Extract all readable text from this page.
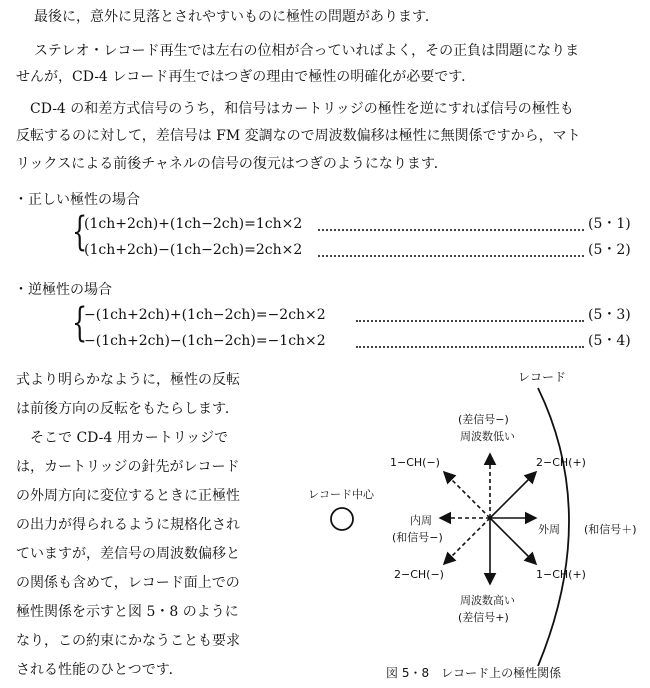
最後に，意外に見落とされやすいものに極性の問題があります．
ステレオ・レコード再生では左右の位相が合っていればよく，その正負は問題になりま
せんが，CD-4 レコード再生ではつぎの理由で極性の明確化が必要です．
CD-4 の和差方式信号のうち，和信号はカートリッジの極性を逆にすれば信号の極性も
反転するのに対して，差信号は FM 変調なので周波数偏移は極性に無関係ですから，マト
リックスによる前後チャネルの信号の復元はつぎのようになります．
・正しい極性の場合
{
(1ch+2ch)+(1ch−2ch)=1ch×2	(5・1)
(1ch+2ch)−(1ch−2ch)=2ch×2	(5・2)
・逆極性の場合
{
−(1ch+2ch)+(1ch−2ch)=−2ch×2	(5・3)
−(1ch+2ch)−(1ch−2ch)=−1ch×2	(5・4)
式より明らかなように，極性の反転
は前後方向の反転をもたらします．
　そこで CD-4 用カートリッジで
は，カートリッジの針先がレコード
の外周方向に変位するときに正極性
の出力が得られるように規格化され
ていますが，差信号の周波数偏移と
の関係も含めて，レコード面上での
極性関係を示すと図 5・8 のように
なり，この約束にかなうことも要求
される性能のひとつです．
レコード
レコード中心
(差信号−)
周波数低い
周波数高い
(差信号+)
内周
(和信号−)
外周 (和信号＋)
1−CH(−)	2−CH(+)
2−CH(−)	1−CH(+)
図 5・8　レコード上の極性関係
